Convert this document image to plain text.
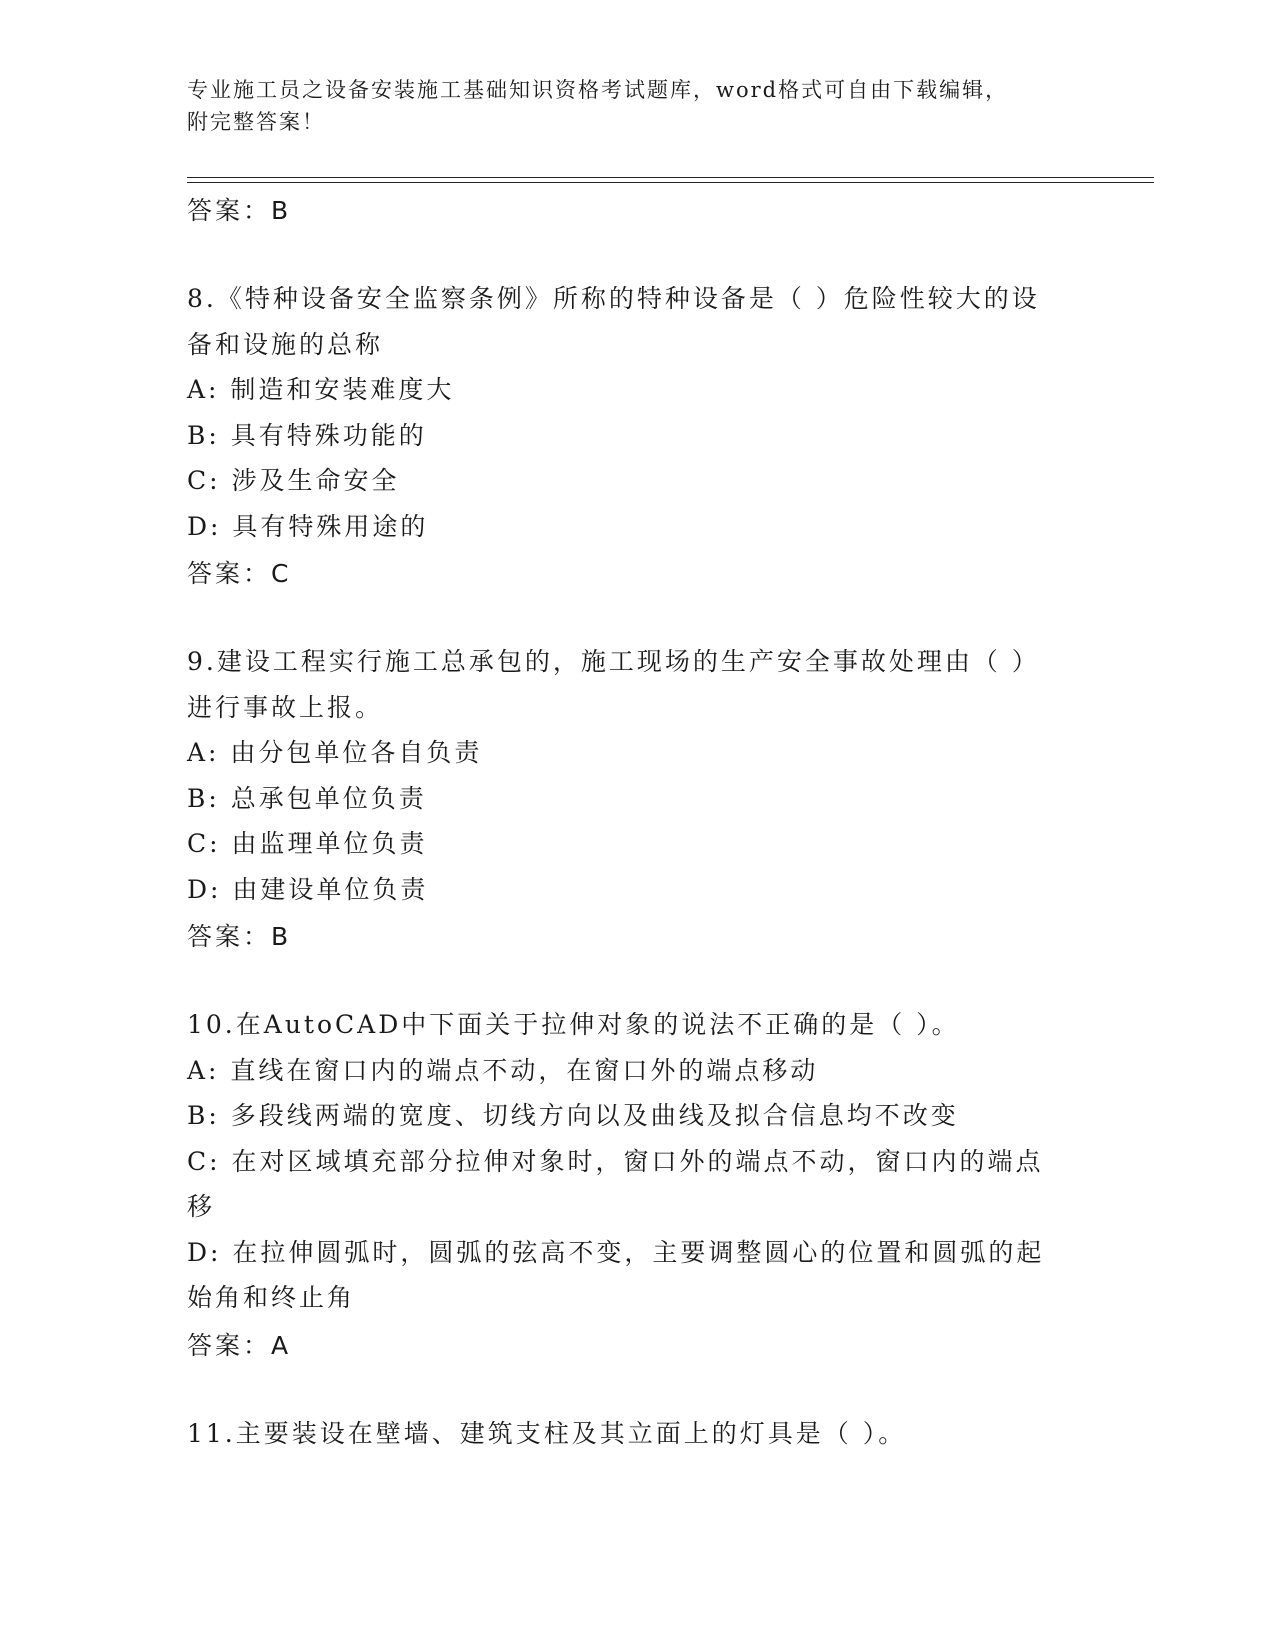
专业施工员之设备安装施工基础知识资格考试题库，word格式可自由下载编辑，
附完整答案！
答案：B
8.《特种设备安全监察条例》所称的特种设备是（ ）危险性较大的设
备和设施的总称
A: 制造和安装难度大
B: 具有特殊功能的
C: 涉及生命安全
D: 具有特殊用途的
答案：C
9.建设工程实行施工总承包的，施工现场的生产安全事故处理由（ ）
进行事故上报。
A: 由分包单位各自负责
B: 总承包单位负责
C: 由监理单位负责
D: 由建设单位负责
答案：B
10.在AutoCAD中下面关于拉伸对象的说法不正确的是（ ）。
A: 直线在窗口内的端点不动，在窗口外的端点移动
B: 多段线两端的宽度、切线方向以及曲线及拟合信息均不改变
C: 在对区域填充部分拉伸对象时，窗口外的端点不动，窗口内的端点
移
D: 在拉伸圆弧时，圆弧的弦高不变，主要调整圆心的位置和圆弧的起
始角和终止角
答案：A
11.主要装设在壁墙、建筑支柱及其立面上的灯具是（ ）。
